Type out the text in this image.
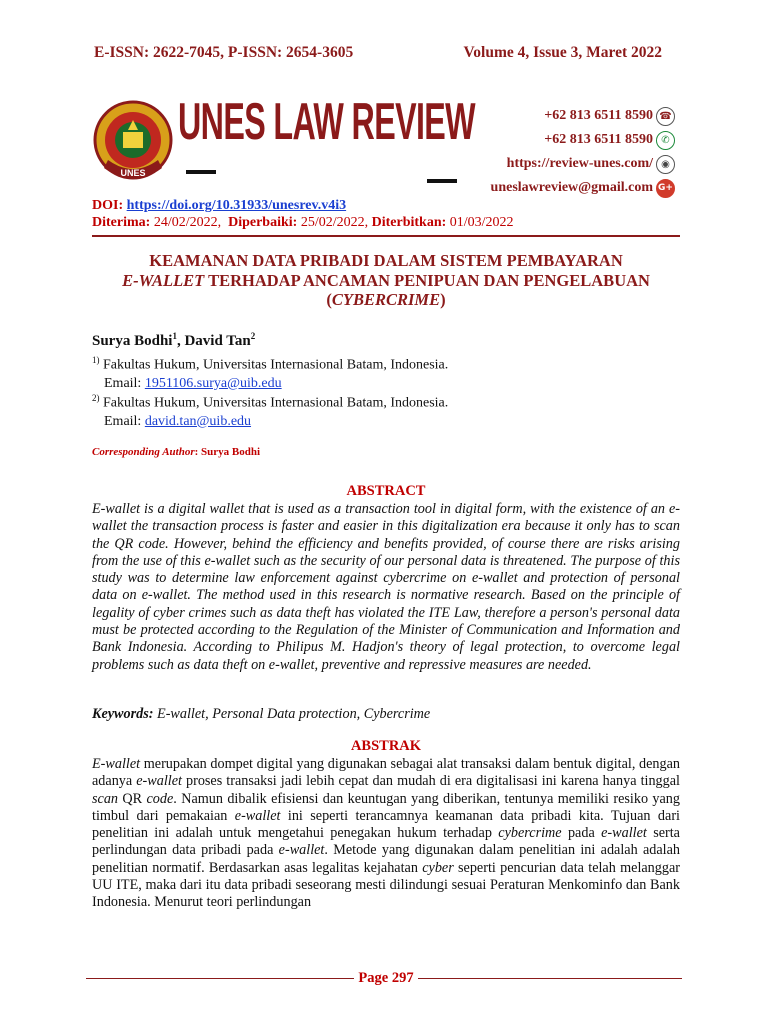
E-ISSN: 2622-7045, P-ISSN: 2654-3605	Volume 4, Issue 3, Maret 2022
UNES
UNES LAW REVIEW	+62 813 6511 8590 ☎
+62 813 6511 8590 ✆
https://review-unes.com/ ◉
uneslawreview@gmail.com G+
DOI: https://doi.org/10.31933/unesrev.v4i3
Diterima: 24/02/2022, Diperbaiki: 25/02/2022, Diterbitkan: 01/03/2022
KEAMANAN DATA PRIBADI DALAM SISTEM PEMBAYARAN
E-WALLET TERHADAP ANCAMAN PENIPUAN DAN PENGELABUAN
(CYBERCRIME)
Surya Bodhi$^1$, David Tan$^2$
$^{1)}$ Fakultas Hukum, Universitas Internasional Batam, Indonesia.
Email: 1951106.surya@uib.edu
$^{2)}$ Fakultas Hukum, Universitas Internasional Batam, Indonesia.
Email: david.tan@uib.edu
Corresponding Author: Surya Bodhi
ABSTRACT
E-wallet is a digital wallet that is used as a transaction tool in digital form, with the existence of an e-wallet the transaction process is faster and easier in this digitalization era because it only has to scan the QR code. However, behind the efficiency and benefits provided, of course there are risks arising from the use of this e-wallet such as the security of our personal data is threatened. The purpose of this study was to determine law enforcement against cybercrime on e-wallet and protection of personal data on e-wallet. The method used in this research is normative research. Based on the principle of legality of cyber crimes such as data theft has violated the ITE Law, therefore a person's personal data must be protected according to the Regulation of the Minister of Communication and Information and Bank Indonesia. According to Philipus M. Hadjon's theory of legal protection, to overcome legal problems such as data theft on e-wallet, preventive and repressive measures are needed.
Keywords: E-wallet, Personal Data protection, Cybercrime
ABSTRAK
E-wallet merupakan dompet digital yang digunakan sebagai alat transaksi dalam bentuk digital, dengan adanya e-wallet proses transaksi jadi lebih cepat dan mudah di era digitalisasi ini karena hanya tinggal scan QR code. Namun dibalik efisiensi dan keuntugan yang diberikan, tentunya memiliki resiko yang timbul dari pemakaian e-wallet ini seperti terancamnya keamanan data pribadi kita. Tujuan dari penelitian ini adalah untuk mengetahui penegakan hukum terhadap cybercrime pada e-wallet serta perlindungan data pribadi pada e-wallet. Metode yang digunakan dalam penelitian ini adalah adalah penelitian normatif. Berdasarkan asas legalitas kejahatan cyber seperti pencurian data telah melanggar UU ITE, maka dari itu data pribadi seseorang mesti dilindungi sesuai Peraturan Menkominfo dan Bank Indonesia. Menurut teori perlindungan
Page 297
